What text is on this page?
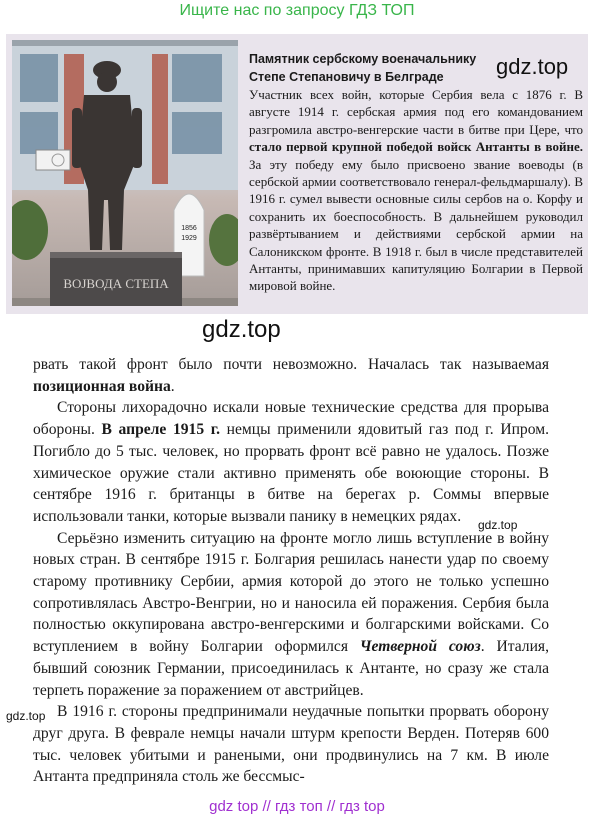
Ищите нас по запросу ГДЗ ТОП
1856
1929
ВОЈВОДА СТЕПА
Памятник сербскому военачальнику
Степе Степановичу в Белграде
Участник всех войн, которые Сербия вела с 1876 г. В августе 1914 г. сербская армия под его командованием разгромила австро-венгерские части в битве при Цере, что стало первой крупной победой войск Антанты в войне. За эту победу ему было присвоено звание воеводы (в сербской армии соответствовало генерал-фельдмаршалу). В 1916 г. сумел вывести основные силы сербов на о. Корфу и сохранить их боеспособность. В дальнейшем руководил развёртыванием и действиями сербской армии на Салоникском фронте. В 1918 г. был в числе представителей Антанты, принимавших капитуляцию Болгарии в Первой мировой войне.
gdz.top
gdz.top
gdz.top
gdz.top

рвать такой фронт было почти невозможно. Началась так называемая позиционная война.

Стороны лихорадочно искали новые технические средства для прорыва обороны. В апреле 1915 г. немцы применили ядовитый газ под г. Ипром. Погибло до 5 тыс. человек, но прорвать фронт всё равно не удалось. Позже химическое оружие стали активно применять обе воюющие стороны. В сентябре 1916 г. британцы в битве на берегах р. Соммы впервые использовали танки, которые вызвали панику в немецких рядах.

Серьёзно изменить ситуацию на фронте могло лишь вступление в войну новых стран. В сентябре 1915 г. Болгария решилась нанести удар по своему старому противнику Сербии, армия которой до этого не только успешно сопротивлялась Австро-Венгрии, но и наносила ей поражения. Сербия была полностью оккупирована австро-венгерскими и болгарскими войсками. Со вступлением в войну Болгарии оформился Четверной союз. Италия, бывший союзник Германии, присоединилась к Антанте, но сразу же стала терпеть поражение за поражением от австрийцев.

В 1916 г. стороны предпринимали неудачные попытки прорвать оборону друг друга. В феврале немцы начали штурм крепости Верден. Потеряв 600 тыс. человек убитыми и ранеными, они продвинулись на 7 км. В июле Антанта предприняла столь же бессмыс-

gdz top // гдз топ // гдз top
